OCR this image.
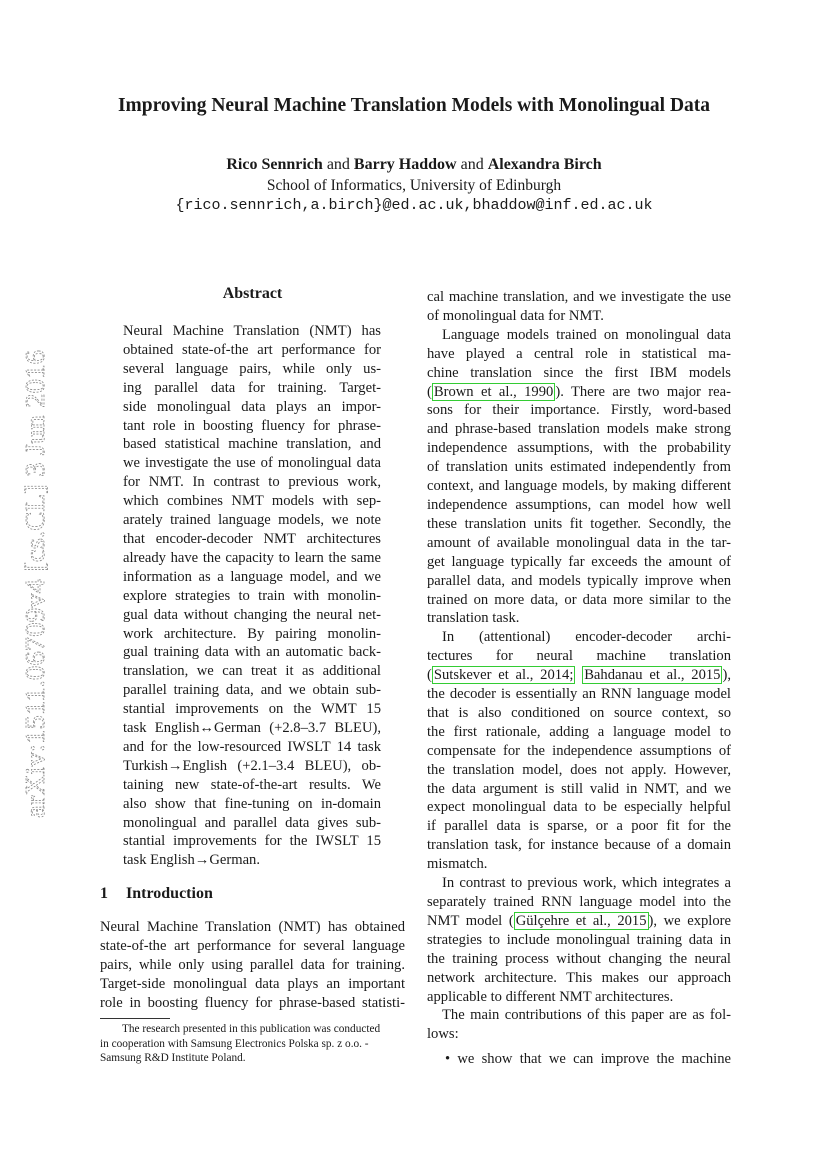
arXiv:1511.06709v4 [cs.CL] 3 Jun 2016
Improving Neural Machine Translation Models with Monolingual Data
Rico Sennrich and Barry Haddow and Alexandra Birch
School of Informatics, University of Edinburgh
{rico.sennrich,a.birch}@ed.ac.uk,bhaddow@inf.ed.ac.uk
Abstract

Neural Machine Translation (NMT) has

obtained state-of-the art performance for

several language pairs, while only us-

ing parallel data for training. Target-

side monolingual data plays an impor-

tant role in boosting fluency for phrase-

based statistical machine translation, and

we investigate the use of monolingual data

for NMT. In contrast to previous work,

which combines NMT models with sep-

arately trained language models, we note

that encoder-decoder NMT architectures

already have the capacity to learn the same

information as a language model, and we

explore strategies to train with monolin-

gual data without changing the neural net-

work architecture. By pairing monolin-

gual training data with an automatic back-

translation, we can treat it as additional

parallel training data, and we obtain sub-

stantial improvements on the WMT 15

task English↔German (+2.8–3.7 BLEU),

and for the low-resourced IWSLT 14 task

Turkish→English (+2.1–3.4 BLEU), ob-

taining new state-of-the-art results. We

also show that fine-tuning on in-domain

monolingual and parallel data gives sub-

stantial improvements for the IWSLT 15

task English→German.

1 Introduction

Neural Machine Translation (NMT) has obtained

state-of-the art performance for several language

pairs, while only using parallel data for training.

Target-side monolingual data plays an important

role in boosting fluency for phrase-based statisti-

The research presented in this publication was conducted

in cooperation with Samsung Electronics Polska sp. z o.o. -

Samsung R&D Institute Poland.

cal machine translation, and we investigate the use

of monolingual data for NMT.

Language models trained on monolingual data

have played a central role in statistical ma-

chine translation since the first IBM models

( Brown et al., 1990 ). There are two major rea-

sons for their importance. Firstly, word-based

and phrase-based translation models make strong

independence assumptions, with the probability

of translation units estimated independently from

context, and language models, by making different

independence assumptions, can model how well

these translation units fit together. Secondly, the

amount of available monolingual data in the tar-

get language typically far exceeds the amount of

parallel data, and models typically improve when

trained on more data, or data more similar to the

translation task.

In (attentional) encoder-decoder archi-

tectures for neural machine translation

( Sutskever et al., 2014; Bahdanau et al., 2015 ),

the decoder is essentially an RNN language model

that is also conditioned on source context, so

the first rationale, adding a language model to

compensate for the independence assumptions of

the translation model, does not apply. However,

the data argument is still valid in NMT, and we

expect monolingual data to be especially helpful

if parallel data is sparse, or a poor fit for the

translation task, for instance because of a domain

mismatch.

In contrast to previous work, which integrates a

separately trained RNN language model into the

NMT model ( Gülçehre et al., 2015 ), we explore

strategies to include monolingual training data in

the training process without changing the neural

network architecture. This makes our approach

applicable to different NMT architectures.

The main contributions of this paper are as fol-

lows:

• we show that we can improve the machine
